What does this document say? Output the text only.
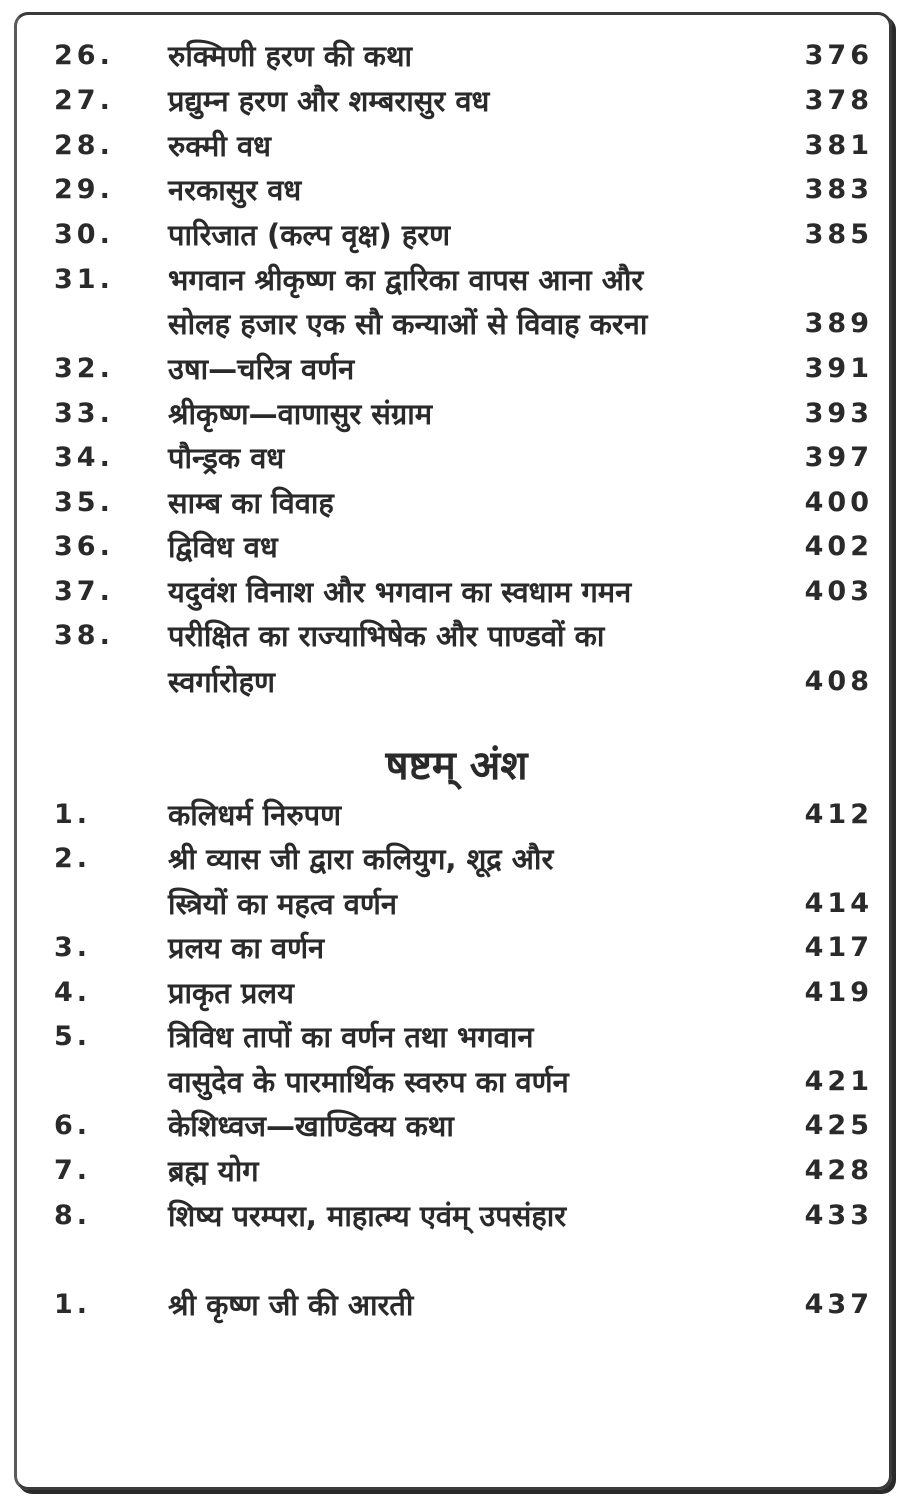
26. रुक्मिणी हरण की कथा	376
27. प्रद्युम्न हरण और शम्बरासुर वध	378
28. रुक्मी वध	381
29. नरकासुर वध	383
30. पारिजात (कल्प वृक्ष) हरण	385
31. भगवान श्रीकृष्ण का द्वारिका वापस आना और
सोलह हजार एक सौ कन्याओं से विवाह करना	389
32. उषा—चरित्र वर्णन	391
33. श्रीकृष्ण—वाणासुर संग्राम	393
34. पौन्ड्रक वध	397
35. साम्ब का विवाह	400
36. द्विविध वध	402
37. यदुवंश विनाश और भगवान का स्वधाम गमन	403
38. परीक्षित का राज्याभिषेक और पाण्डवों का
स्वर्गारोहण	408
षष्टम् अंश
1.	कलिधर्म निरुपण	412
2.	श्री व्यास जी द्वारा कलियुग, शूद्र और
स्त्रियों का महत्व वर्णन	414
3.	प्रलय का वर्णन	417
4.	प्राकृत प्रलय	419
5.	त्रिविध तापों का वर्णन तथा भगवान
वासुदेव के पारमार्थिक स्वरुप का वर्णन	421
6.	केशिध्वज—खाण्डिक्य कथा	425
7.	ब्रह्म योग	428
8.	शिष्य परम्परा, माहात्म्य एवंम् उपसंहार	433
1.	श्री कृष्ण जी की आरती	437
